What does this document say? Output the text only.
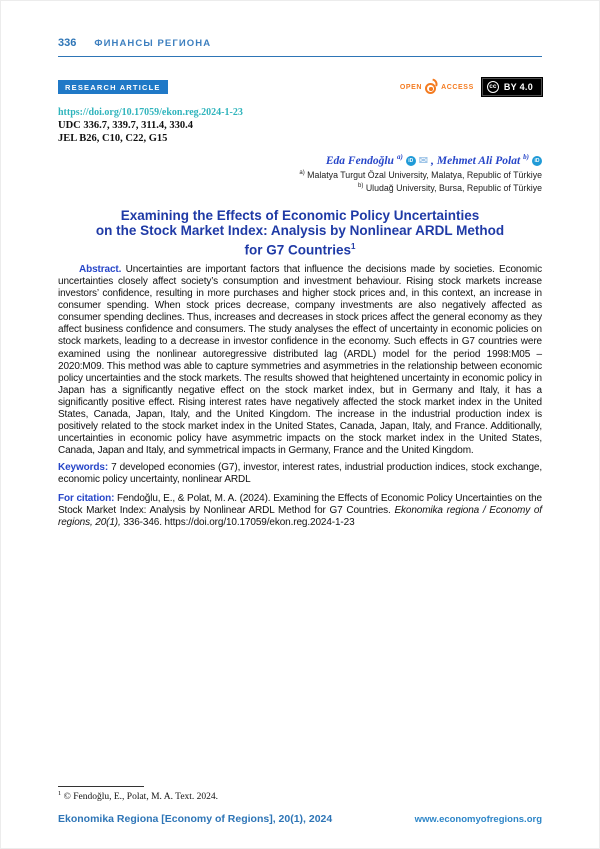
336 ФИНАНСЫ РЕГИОНА
RESEARCH ARTICLE	OPEN	ACCESS	cc BY 4.0
https://doi.org/10.17059/ekon.reg.2024-1-23
UDC 336.7, 339.7, 311.4, 330.4
JEL B26, C10, C22, G15
Eda Fendoğlu a)	iD ✉ , Mehmet Ali Polat b)	iD
$^{a)}$ Malatya Turgut Özal University, Malatya, Republic of Türkiye
$^{b)}$ Uludağ University, Bursa, Republic of Türkiye
Examining the Effects of Economic Policy Uncertainties
on the Stock Market Index: Analysis by Nonlinear ARDL Method
for G7 Countries$^1$

Abstract. Uncertainties are important factors that influence the decisions made by societies. Economic uncertainties closely affect society’s consumption and investment behaviour. Rising stock markets increase investors’ confidence, resulting in more purchases and higher stock prices and, in this context, an increase in consumer spending. When stock prices decrease, company investments are also negatively affected as consumer spending declines. Thus, increases and decreases in stock prices affect the general economy as they affect business confidence and consumers. The study analyses the effect of uncertainty in economic policies on stock markets, leading to a decrease in investor confidence in the economy. Such effects in G7 countries were examined using the nonlinear autoregressive distributed lag (ARDL) model for the period 1998:M05 – 2020:M09. This method was able to capture symmetries and asymmetries in the relationship between economic policy uncertainties and the stock markets. The results showed that heightened uncertainty in economic policy in Japan has a significantly negative effect on the stock market index, but in Germany and Italy, it has a significantly positive effect. Rising interest rates have negatively affected the stock market index in the United States, Canada, Japan, Italy, and the United Kingdom. The increase in the industrial production index is positively related to the stock market index in the United States, Canada, Japan, Italy, and France. Additionally, uncertainties in economic policy have asymmetric impacts on the stock market index in the United States, Canada, Japan and Italy, and symmetrical impacts in Germany, France and the United Kingdom.

Keywords: 7 developed economies (G7), investor, interest rates, industrial production indices, stock exchange, economic policy uncertainty, nonlinear ARDL

For citation: Fendoğlu, E., & Polat, M. A. (2024). Examining the Effects of Economic Policy Uncertainties on the Stock Market Index: Analysis by Nonlinear ARDL Method for G7 Countries. Ekonomika regiona / Economy of regions, 20(1), 336-346. https://doi.org/10.17059/ekon.reg.2024-1-23

$^1$ © Fendoğlu, E., Polat, M. A. Text. 2024.
Ekonomika Regiona [Economy of Regions], 20(1), 2024	www.economyofregions.org
